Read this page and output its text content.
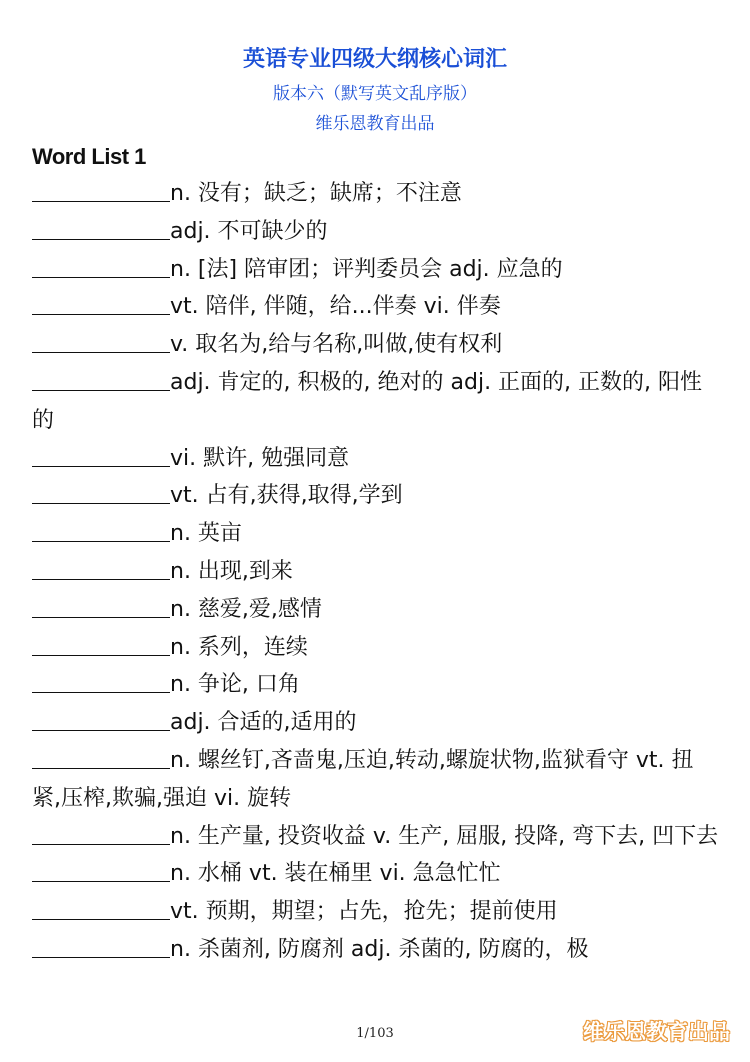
英语专业四级大纲核心词汇
版本六（默写英文乱序版）
维乐恩教育出品
Word List 1
n. 没有；缺乏；缺席；不注意
adj. 不可缺少的
n. [法] 陪审团；评判委员会 adj. 应急的
vt. 陪伴, 伴随，给...伴奏 vi. 伴奏
v. 取名为,给与名称,叫做,使有权利
adj. 肯定的, 积极的, 绝对的 adj. 正面的, 正数的, 阳性的
vi. 默许, 勉强同意
vt. 占有,获得,取得,学到
n. 英亩
n. 出现,到来
n. 慈爱,爱,感情
n. 系列，连续
n. 争论, 口角
adj. 合适的,适用的
n. 螺丝钉,吝啬鬼,压迫,转动,螺旋状物,监狱看守 vt. 扭紧,压榨,欺骗,强迫 vi. 旋转
n. 生产量, 投资收益 v. 生产, 屈服, 投降, 弯下去, 凹下去
n. 水桶 vt. 装在桶里 vi. 急急忙忙
vt. 预期，期望；占先，抢先；提前使用
n. 杀菌剂, 防腐剂 adj. 杀菌的, 防腐的，极
1/103	维乐恩教育出品
